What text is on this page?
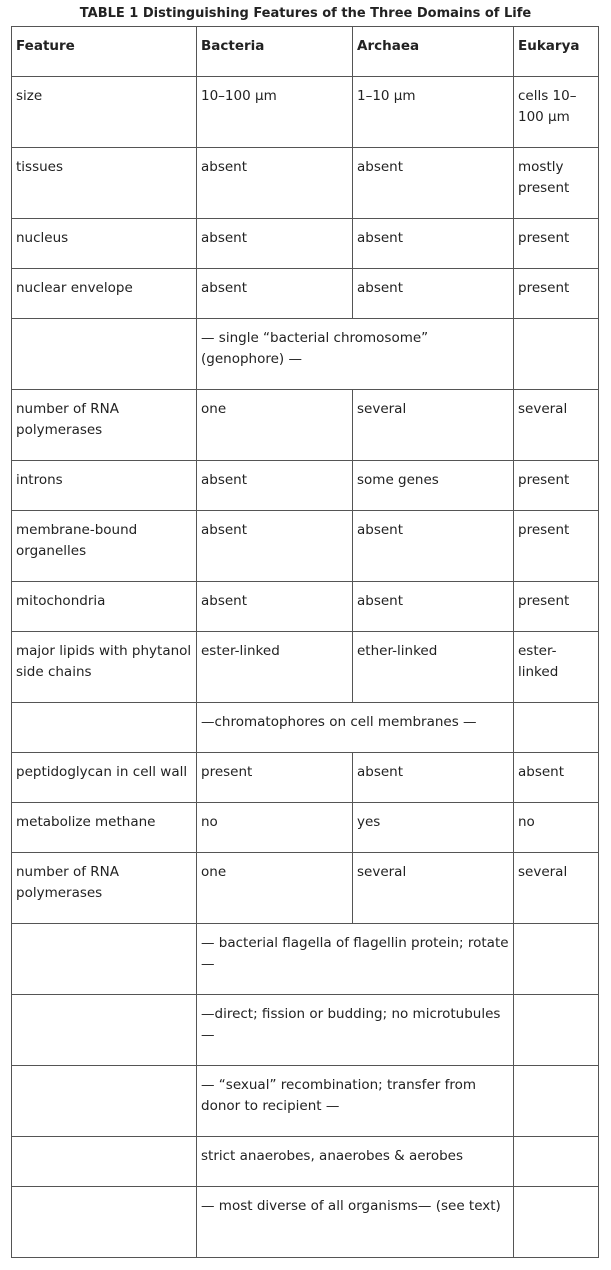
TABLE 1 Distinguishing Features of the Three Domains of Life
Feature	Bacteria	Archaea	Eukarya
size	10–100 μm	1–10 μm	cells 10–100 μm
tissues	absent	absent	mostly present
nucleus	absent	absent	present
nuclear envelope	absent	absent	present
	— single “bacterial chromosome” (genophore) —		
number of RNA polymerases	one	several	several
introns	absent	some genes	present
membrane-bound organelles	absent	absent	present
mitochondria	absent	absent	present
major lipids with phytanol side chains	ester-linked	ether-linked	ester-linked
	—chromatophores on cell membranes —		
peptidoglycan in cell wall	present	absent	absent
metabolize methane	no	yes	no
number of RNA polymerases	one	several	several
	— bacterial flagella of flagellin protein; rotate —		
	—direct; fission or budding; no microtubules —		
	— “sexual” recombination; transfer from donor to recipient —		
	strict anaerobes, anaerobes & aerobes		
	— most diverse of all organisms— (see text)		
